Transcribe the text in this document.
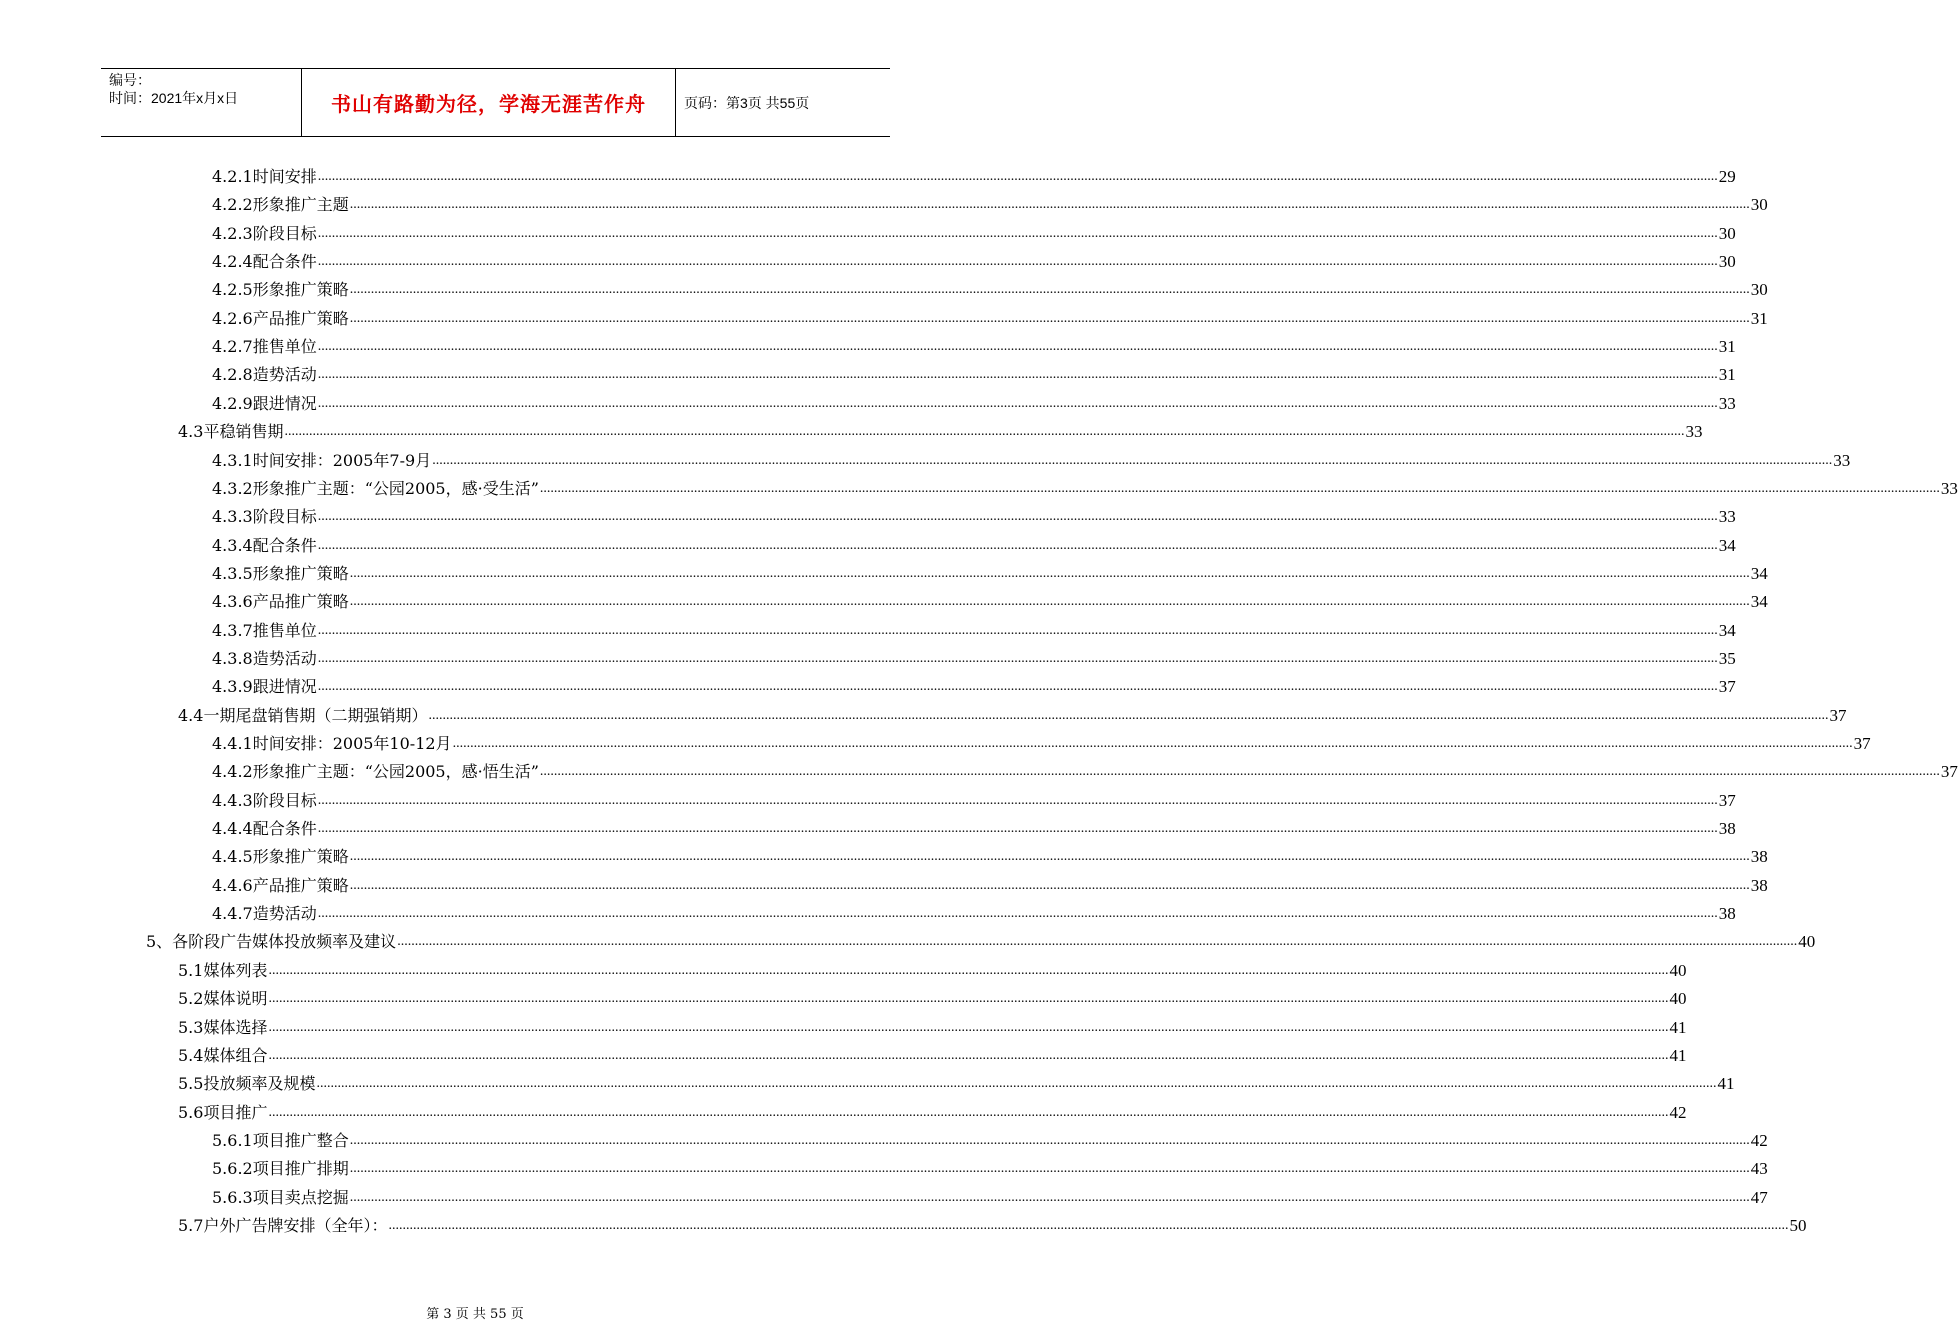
编号：
时间：2021年x月x日	书山有路勤为径，学海无涯苦作舟	页码：第3页 共55页
4.2.1时间安排 ................................................................................................................................................................................................................................................................................................................................................................................................................ 29
4.2.2形象推广主题 ................................................................................................................................................................................................................................................................................................................................................................................................................ 30
4.2.3阶段目标 ................................................................................................................................................................................................................................................................................................................................................................................................................ 30
4.2.4配合条件 ................................................................................................................................................................................................................................................................................................................................................................................................................ 30
4.2.5形象推广策略 ................................................................................................................................................................................................................................................................................................................................................................................................................ 30
4.2.6产品推广策略 ................................................................................................................................................................................................................................................................................................................................................................................................................ 31
4.2.7推售单位 ................................................................................................................................................................................................................................................................................................................................................................................................................ 31
4.2.8造势活动 ................................................................................................................................................................................................................................................................................................................................................................................................................ 31
4.2.9跟进情况 ................................................................................................................................................................................................................................................................................................................................................................................................................ 33
4.3平稳销售期 ................................................................................................................................................................................................................................................................................................................................................................................................................ 33
4.3.1时间安排：2005年7-9月 ................................................................................................................................................................................................................................................................................................................................................................................................................ 33
4.3.2形象推广主题：“公园2005，感·受生活” ................................................................................................................................................................................................................................................................................................................................................................................................................ 33
4.3.3阶段目标 ................................................................................................................................................................................................................................................................................................................................................................................................................ 33
4.3.4配合条件 ................................................................................................................................................................................................................................................................................................................................................................................................................ 34
4.3.5形象推广策略 ................................................................................................................................................................................................................................................................................................................................................................................................................ 34
4.3.6产品推广策略 ................................................................................................................................................................................................................................................................................................................................................................................................................ 34
4.3.7推售单位 ................................................................................................................................................................................................................................................................................................................................................................................................................ 34
4.3.8造势活动 ................................................................................................................................................................................................................................................................................................................................................................................................................ 35
4.3.9跟进情况 ................................................................................................................................................................................................................................................................................................................................................................................................................ 37
4.4一期尾盘销售期（二期强销期） ................................................................................................................................................................................................................................................................................................................................................................................................................ 37
4.4.1时间安排：2005年10-12月 ................................................................................................................................................................................................................................................................................................................................................................................................................ 37
4.4.2形象推广主题：“公园2005，感·悟生活” ................................................................................................................................................................................................................................................................................................................................................................................................................ 37
4.4.3阶段目标 ................................................................................................................................................................................................................................................................................................................................................................................................................ 37
4.4.4配合条件 ................................................................................................................................................................................................................................................................................................................................................................................................................ 38
4.4.5形象推广策略 ................................................................................................................................................................................................................................................................................................................................................................................................................ 38
4.4.6产品推广策略 ................................................................................................................................................................................................................................................................................................................................................................................................................ 38
4.4.7造势活动 ................................................................................................................................................................................................................................................................................................................................................................................................................ 38
5、各阶段广告媒体投放频率及建议 ................................................................................................................................................................................................................................................................................................................................................................................................................ 40
5.1媒体列表 ................................................................................................................................................................................................................................................................................................................................................................................................................ 40
5.2媒体说明 ................................................................................................................................................................................................................................................................................................................................................................................................................ 40
5.3媒体选择 ................................................................................................................................................................................................................................................................................................................................................................................................................ 41
5.4媒体组合 ................................................................................................................................................................................................................................................................................................................................................................................................................ 41
5.5投放频率及规模 ................................................................................................................................................................................................................................................................................................................................................................................................................ 41
5.6项目推广 ................................................................................................................................................................................................................................................................................................................................................................................................................ 42
5.6.1项目推广整合 ................................................................................................................................................................................................................................................................................................................................................................................................................ 42
5.6.2项目推广排期 ................................................................................................................................................................................................................................................................................................................................................................................................................ 43
5.6.3项目卖点挖掘 ................................................................................................................................................................................................................................................................................................................................................................................................................ 47
5.7户外广告牌安排（全年）： ................................................................................................................................................................................................................................................................................................................................................................................................................ 50
第 3 页 共 55 页
